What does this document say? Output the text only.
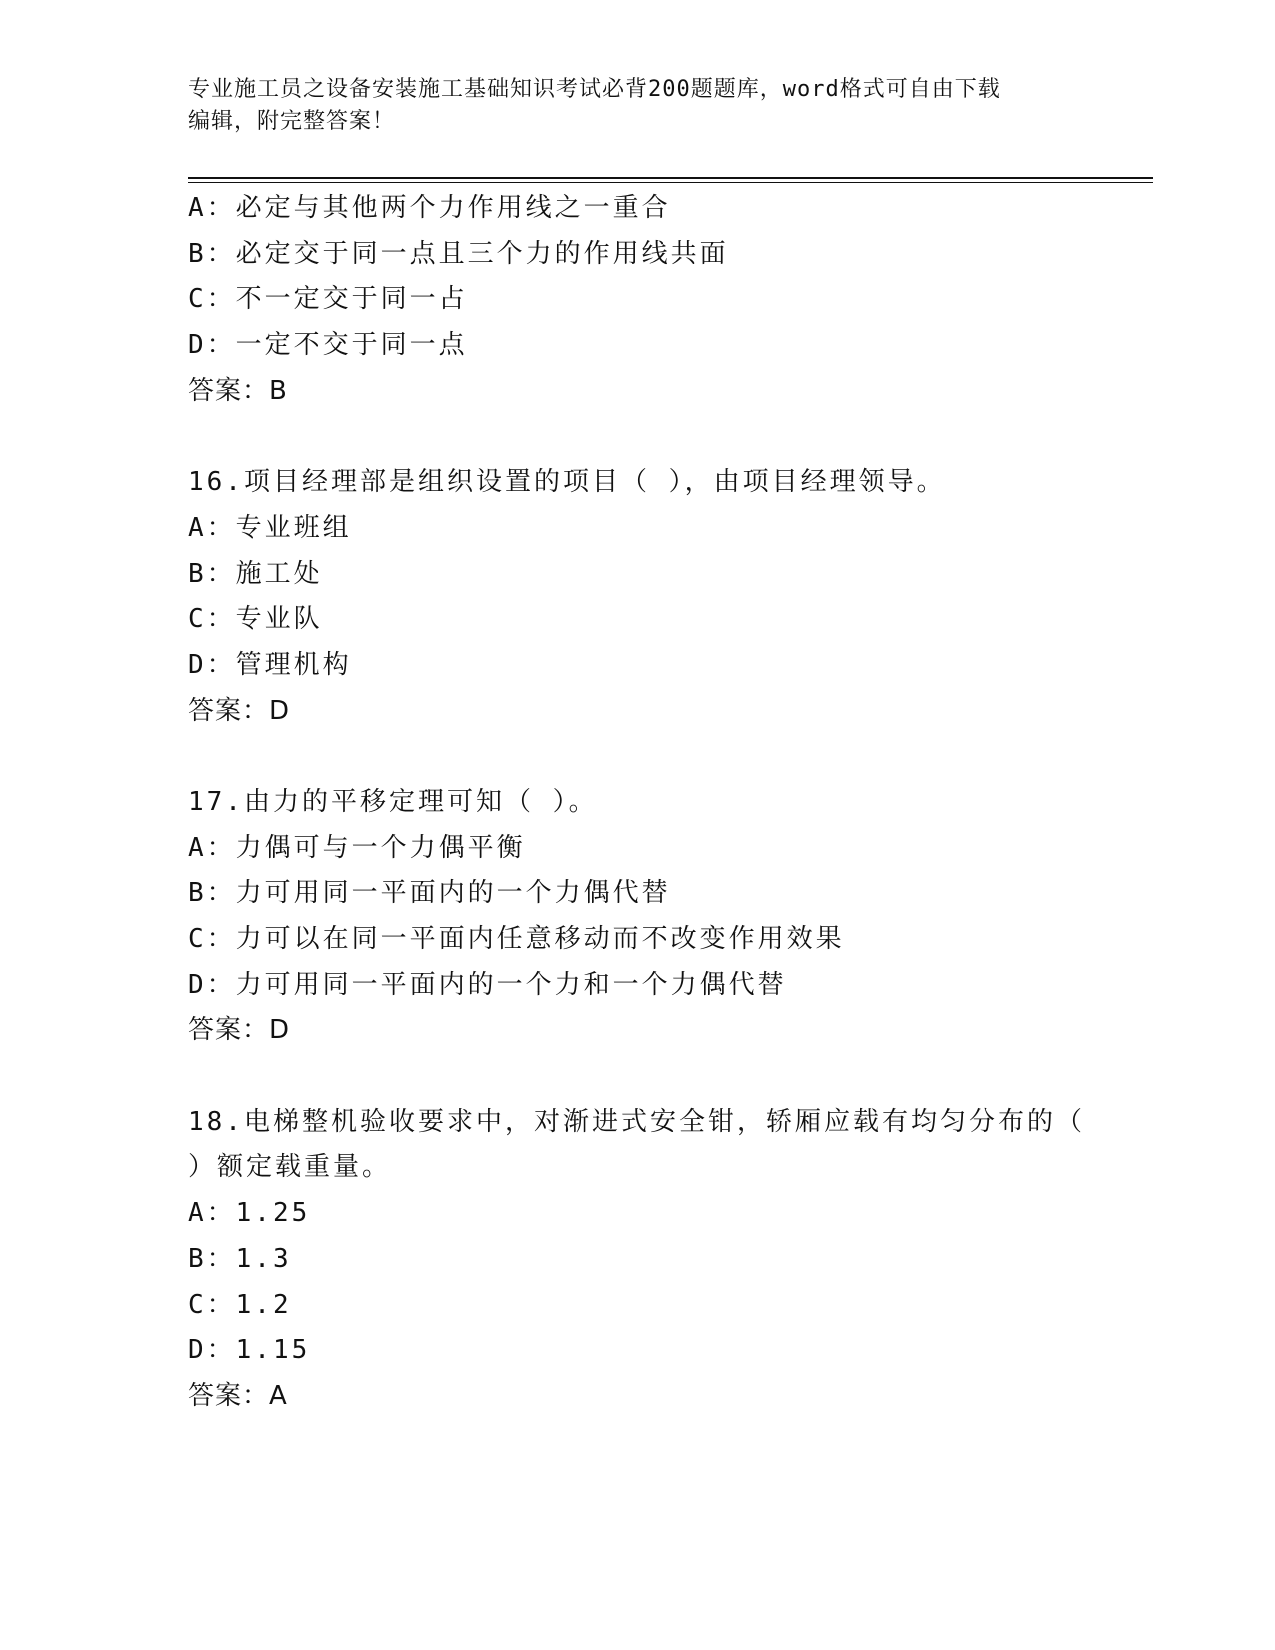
专业施工员之设备安装施工基础知识考试必背200题题库，word格式可自由下载
编辑，附完整答案！
A：必定与其他两个力作用线之一重合
B：必定交于同一点且三个力的作用线共面
C：不一定交于同一占
D：一定不交于同一点
答案：B
16.项目经理部是组织设置的项目（ ），由项目经理领导。
A：专业班组
B：施工处
C：专业队
D：管理机构
答案：D
17.由力的平移定理可知（ ）。
A：力偶可与一个力偶平衡
B：力可用同一平面内的一个力偶代替
C：力可以在同一平面内任意移动而不改变作用效果
D：力可用同一平面内的一个力和一个力偶代替
答案：D
18.电梯整机验收要求中，对渐进式安全钳，轿厢应载有均匀分布的（
）额定载重量。
A：1.25
B：1.3
C：1.2
D：1.15
答案：A
